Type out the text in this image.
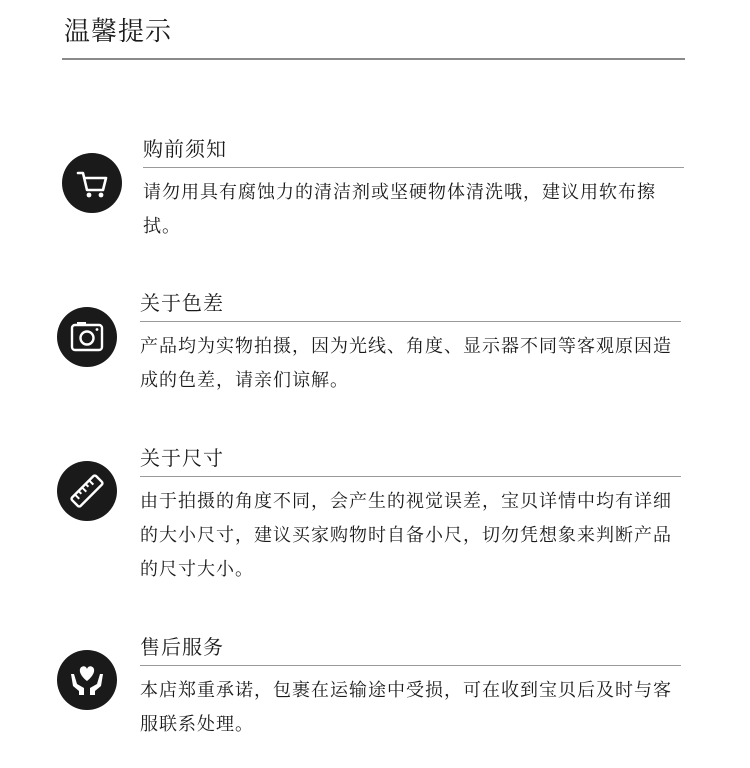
温馨提示
购前须知

请勿用具有腐蚀力的清洁剂或坚硬物体清洗哦，建议用软布擦拭。

关于色差

产品均为实物拍摄，因为光线、角度、显示器不同等客观原因造成的色差，请亲们谅解。

关于尺寸

由于拍摄的角度不同，会产生的视觉误差，宝贝详情中均有详细的大小尺寸，建议买家购物时自备小尺，切勿凭想象来判断产品的尺寸大小。

售后服务

本店郑重承诺，包裹在运输途中受损，可在收到宝贝后及时与客服联系处理。
